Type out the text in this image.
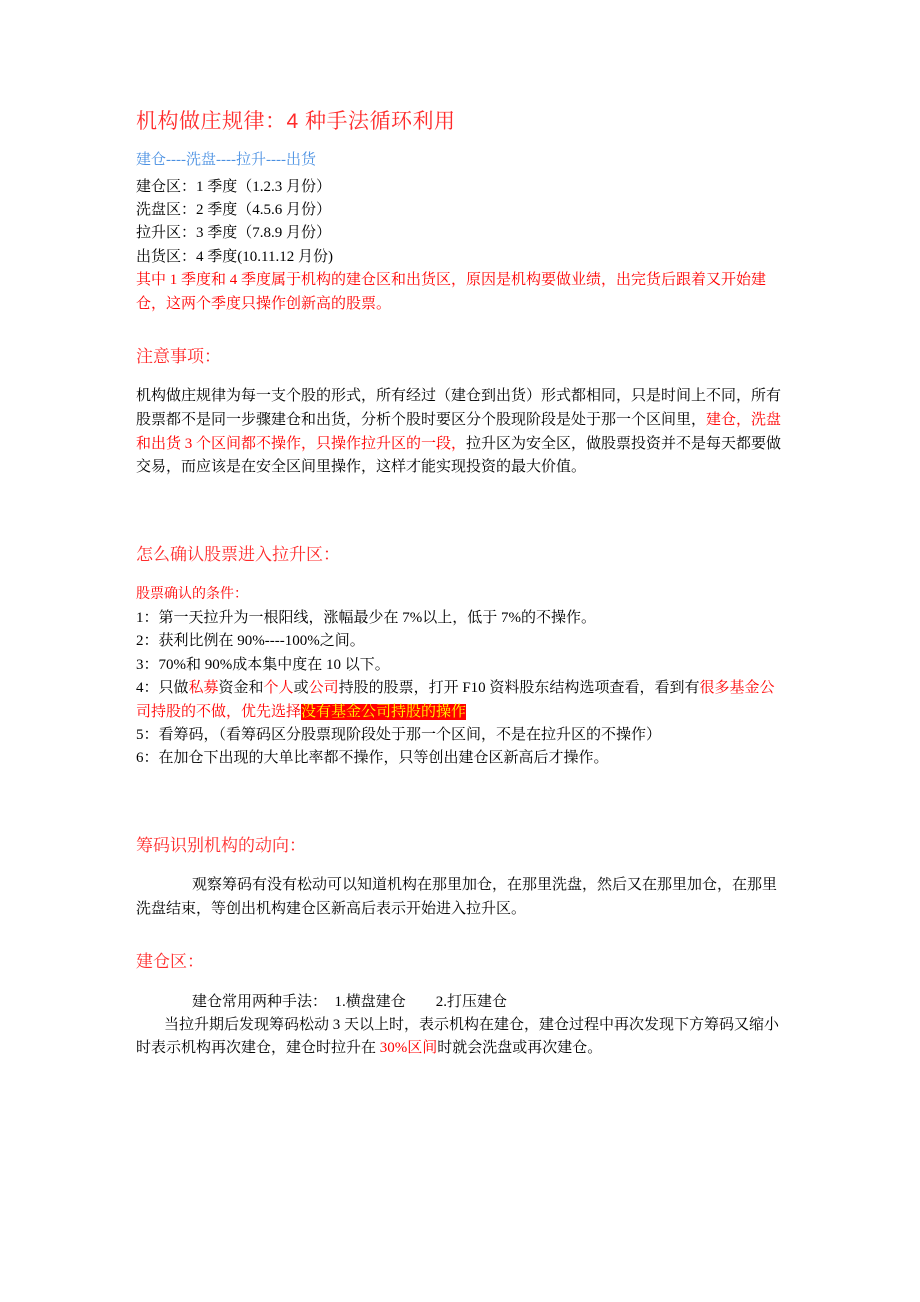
机构做庄规律：4 种手法循环利用
建仓----洗盘----拉升----出货

建仓区：1 季度（1.2.3 月份）

洗盘区：2 季度（4.5.6 月份）

拉升区：3 季度（7.8.9 月份）

出货区：4 季度(10.11.12 月份)

其中 1 季度和 4 季度属于机构的建仓区和出货区，原因是机构要做业绩，出完货后跟着又开始建仓，这两个季度只操作创新高的股票。

注意事项：
机构做庄规律为每一支个股的形式，所有经过（建仓到出货）形式都相同，只是时间上不同，所有股票都不是同一步骤建仓和出货，分析个股时要区分个股现阶段是处于那一个区间里，建仓，洗盘和出货 3 个区间都不操作，只操作拉升区的一段，拉升区为安全区，做股票投资并不是每天都要做交易，而应该是在安全区间里操作，这样才能实现投资的最大价值。
怎么确认股票进入拉升区：

股票确认的条件：

1：第一天拉升为一根阳线，涨幅最少在 7%以上，低于 7%的不操作。

2：获利比例在 90%----100%之间。

3：70%和 90%成本集中度在 10 以下。

4：只做私募资金和个人或公司持股的股票，打开 F10 资料股东结构选项查看，看到有很多基金公司持股的不做，优先选择没有基金公司持股的操作

5：看筹码，（看筹码区分股票现阶段处于那一个区间，不是在拉升区的不操作）

6：在加仓下出现的大单比率都不操作，只等创出建仓区新高后才操作。

筹码识别机构的动向：

观察筹码有没有松动可以知道机构在那里加仓，在那里洗盘，然后又在那里加仓，在那里洗盘结束，等创出机构建仓区新高后表示开始进入拉升区。

建仓区：

建仓常用两种手法：  1.横盘建仓        2.打压建仓

当拉升期后发现筹码松动 3 天以上时，表示机构在建仓，建仓过程中再次发现下方筹码又缩小时表示机构再次建仓，建仓时拉升在 30%区间时就会洗盘或再次建仓。
